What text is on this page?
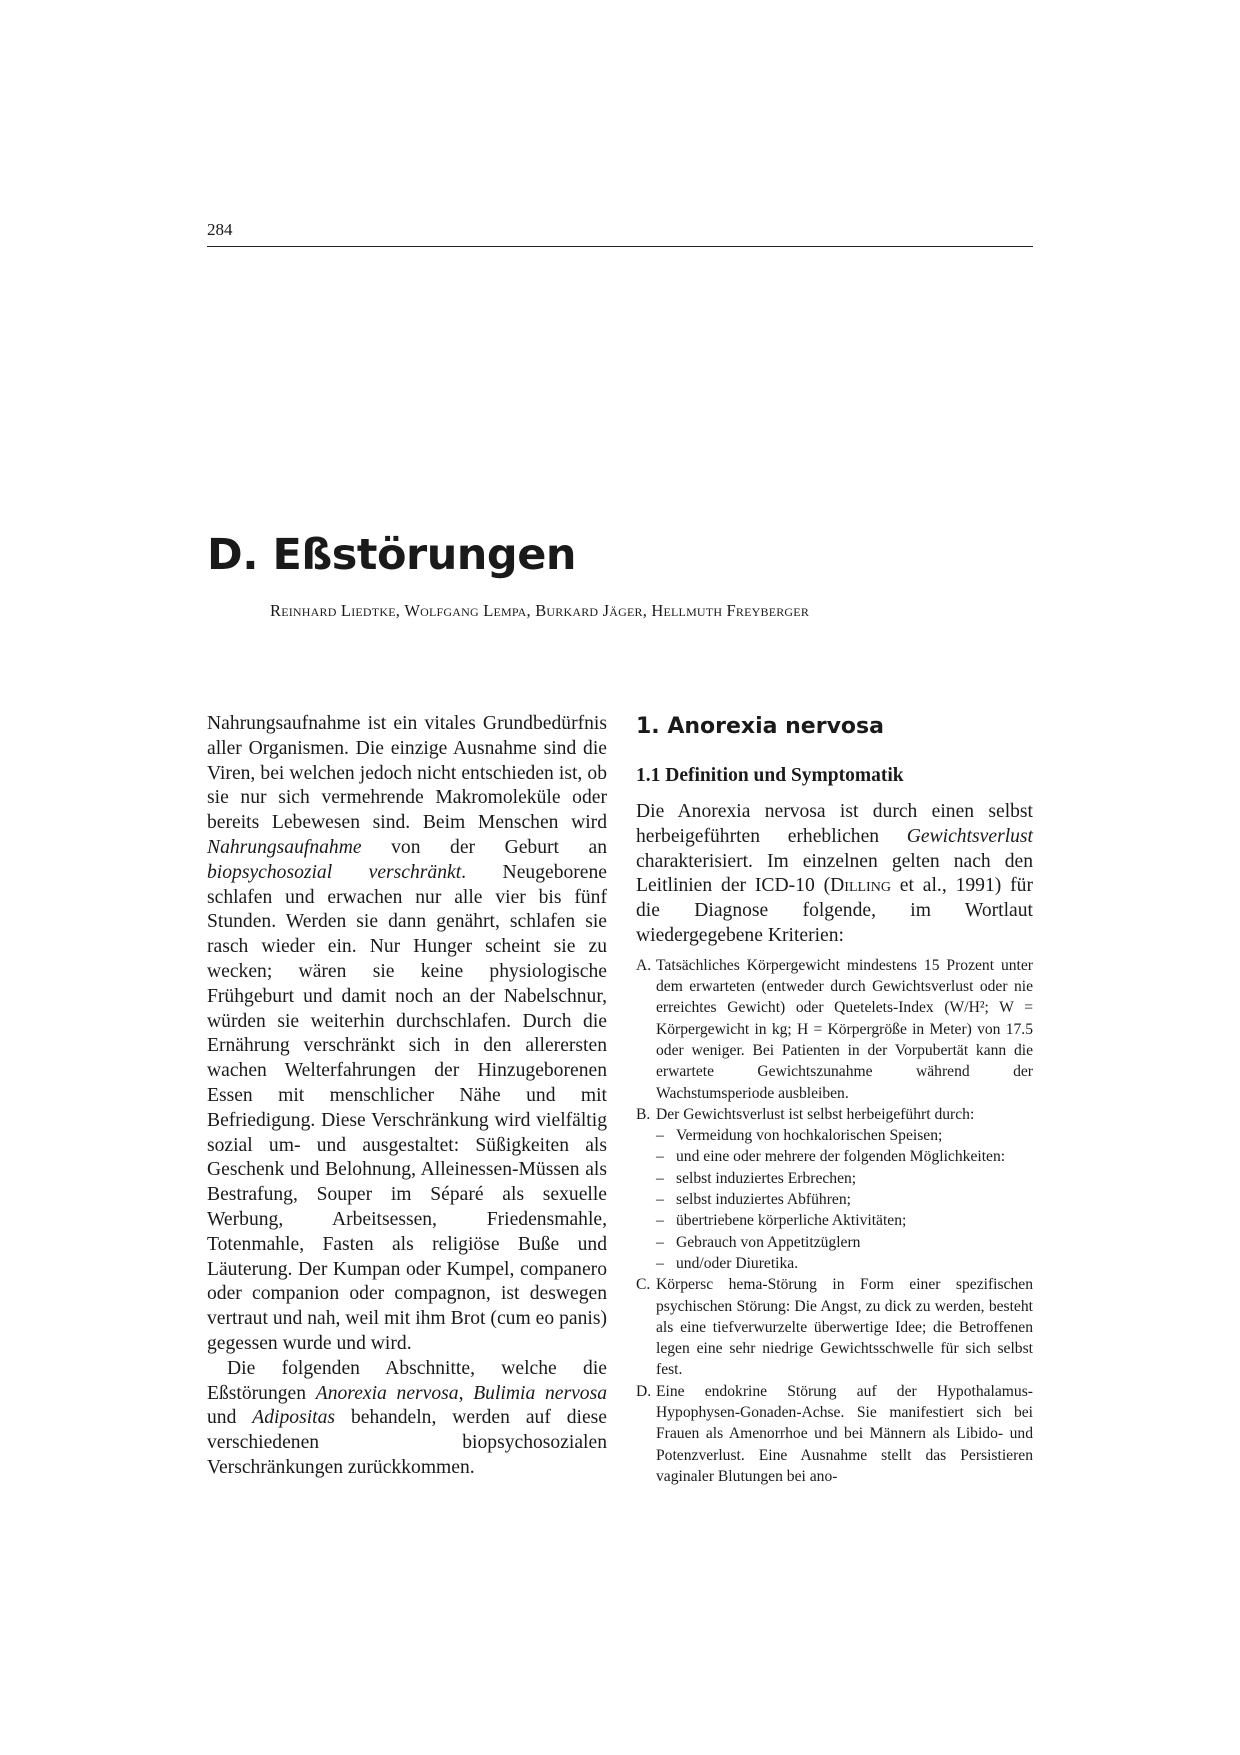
284
D. Eßstörungen
Reinhard Liedtke, Wolfgang Lempa, Burkard Jäger, Hellmuth Freyberger

Nahrungsaufnahme ist ein vitales Grundbedürfnis aller Organismen. Die einzige Ausnahme sind die Viren, bei welchen jedoch nicht entschieden ist, ob sie nur sich vermehrende Makromoleküle oder bereits Lebewesen sind. Beim Menschen wird Nahrungsaufnahme von der Geburt an biopsychosozial verschränkt. Neugeborene schlafen und erwachen nur alle vier bis fünf Stunden. Werden sie dann genährt, schlafen sie rasch wieder ein. Nur Hunger scheint sie zu wecken; wären sie keine physiologische Frühgeburt und damit noch an der Nabelschnur, würden sie weiterhin durchschlafen. Durch die Ernährung verschränkt sich in den allerersten wachen Welterfahrungen der Hinzugeborenen Essen mit menschlicher Nähe und mit Befriedigung. Diese Verschränkung wird vielfältig sozial um- und ausgestaltet: Süßigkeiten als Geschenk und Belohnung, Alleinessen-Müssen als Bestrafung, Souper im Séparé als sexuelle Werbung, Arbeitsessen, Friedensmahle, Totenmahle, Fasten als religiöse Buße und Läuterung. Der Kumpan oder Kumpel, companero oder companion oder compagnon, ist deswegen vertraut und nah, weil mit ihm Brot (cum eo panis) gegessen wurde und wird.

Die folgenden Abschnitte, welche die Eßstörungen Anorexia nervosa, Bulimia nervosa und Adipositas behandeln, werden auf diese verschiedenen biopsychosozialen Verschränkungen zurückkommen.

1. Anorexia nervosa
1.1 Definition und Symptomatik

Die Anorexia nervosa ist durch einen selbst herbeigeführten erheblichen Gewichtsverlust charakterisiert. Im einzelnen gelten nach den Leitlinien der ICD-10 (Dilling et al., 1991) für die Diagnose folgende, im Wortlaut wiedergegebene Kriterien:

A. Tatsächliches Körpergewicht mindestens 15 Prozent unter dem erwarteten (entweder durch Gewichtsverlust oder nie erreichtes Gewicht) oder Quetelets-Index (W/H²; W = Körpergewicht in kg; H = Körpergröße in Meter) von 17.5 oder weniger. Bei Patienten in der Vorpubertät kann die erwartete Gewichtszunahme während der Wachstumsperiode ausbleiben.
B. Der Gewichtsverlust ist selbst herbeigeführt durch:
– Vermeidung von hochkalorischen Speisen;
– und eine oder mehrere der folgenden Möglichkeiten:
– selbst induziertes Erbrechen;
– selbst induziertes Abführen;
– übertriebene körperliche Aktivitäten;
– Gebrauch von Appetitzüglern
– und/oder Diuretika.
C. Körpersc hema-Störung in Form einer spezifischen psychischen Störung: Die Angst, zu dick zu werden, besteht als eine tiefverwurzelte überwertige Idee; die Betroffenen legen eine sehr niedrige Gewichtsschwelle für sich selbst fest.
D. Eine endokrine Störung auf der Hypothalamus-Hypophysen-Gonaden-Achse. Sie manifestiert sich bei Frauen als Amenorrhoe und bei Männern als Libido- und Potenzverlust. Eine Ausnahme stellt das Persistieren vaginaler Blutungen bei ano-
